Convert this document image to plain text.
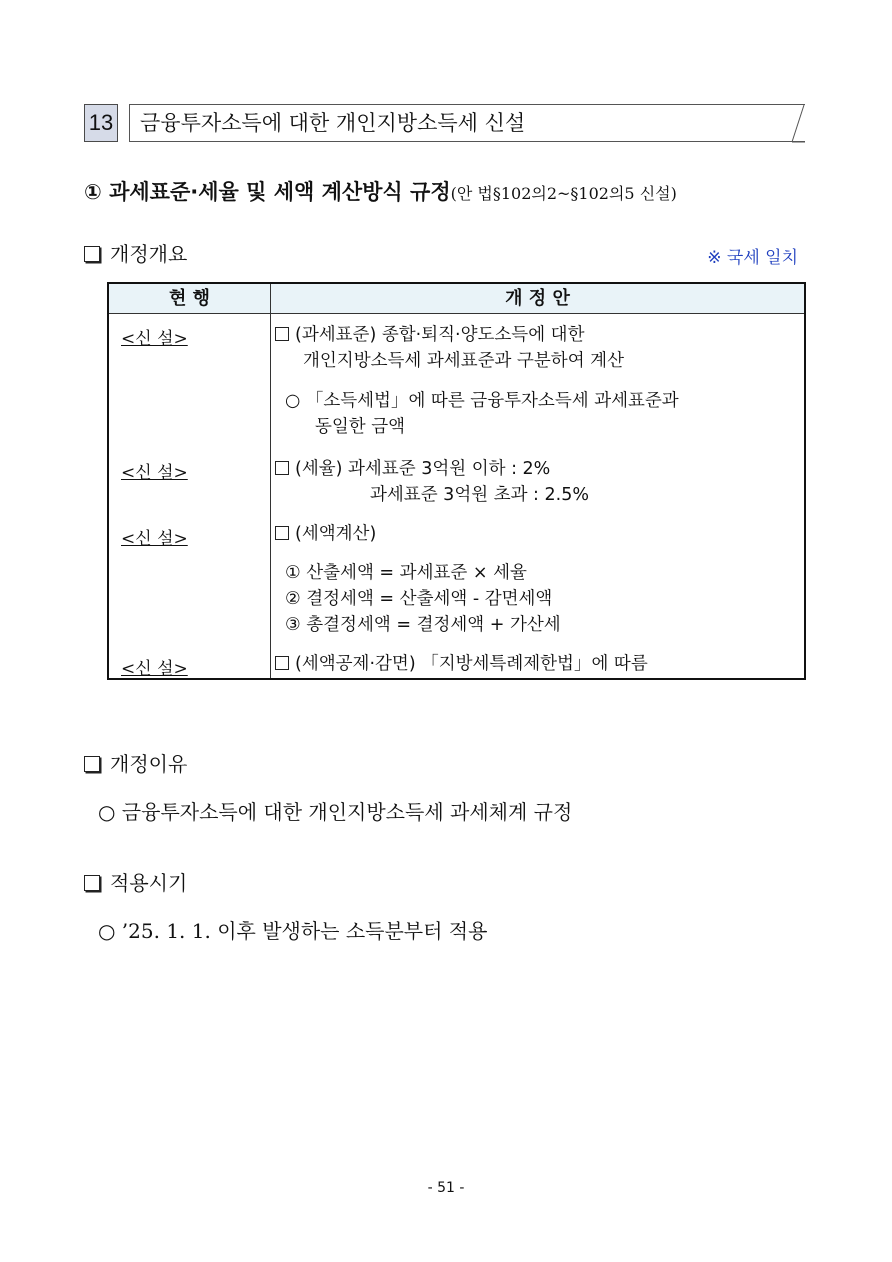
13 금융투자소득에 대한 개인지방소득세 신설
① 과세표준·세율 및 세액 계산방식 규정(안 법§102의2~§102의5 신설)
개정개요	※ 국세 일치
현 행	개 정 안
<신 설>	(과세표준) 종합·퇴직·양도소득에 대한
개인지방소득세 과세표준과 구분하여 계산
○ 「소득세법」에 따른 금융투자소득세 과세표준과
동일한 금액
<신 설>	(세율) 과세표준 3억원 이하 : 2%
과세표준 3억원 초과 : 2.5%
<신 설>	(세액계산)
① 산출세액 = 과세표준 × 세율
② 결정세액 = 산출세액 - 감면세액
③ 총결정세액 = 결정세액 + 가산세
<신 설>	(세액공제·감면) 「지방세특례제한법」에 따름
개정이유
○ 금융투자소득에 대한 개인지방소득세 과세체계 규정
적용시기
○ ’25. 1. 1. 이후 발생하는 소득분부터 적용
- 51 -
